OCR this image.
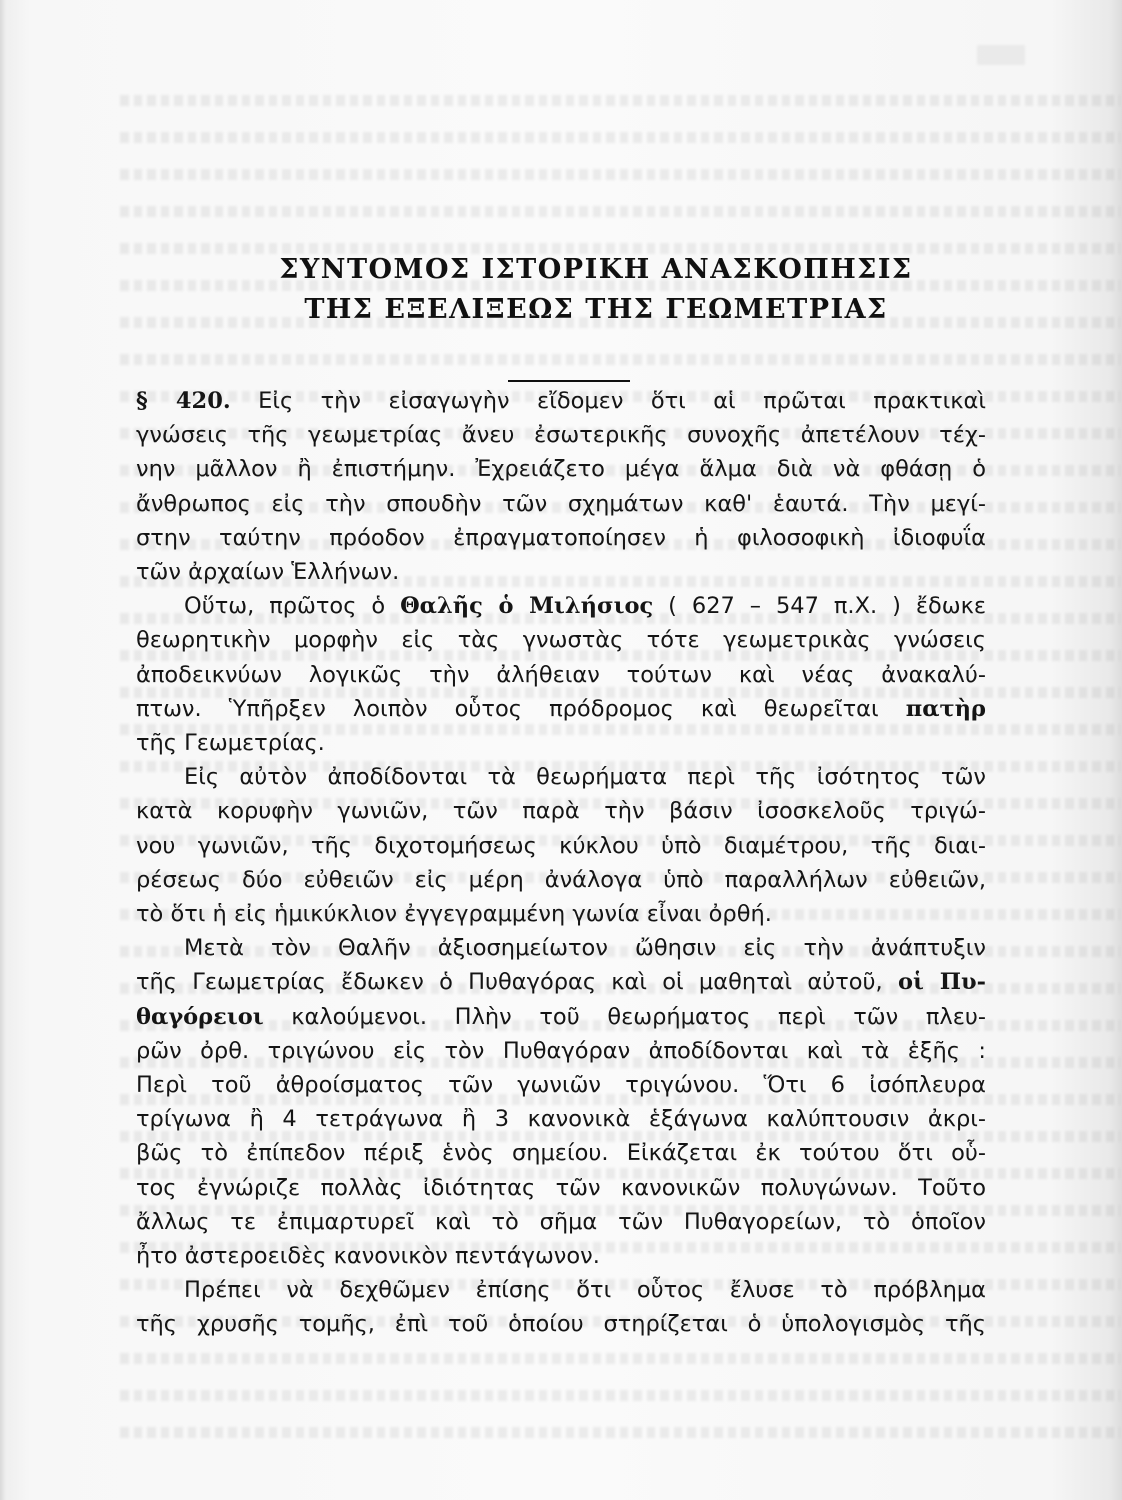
ΣΥΝΤΟΜΟΣ ΙΣΤΟΡΙΚΗ ΑΝΑΣΚΟΠΗΣΙΣ
ΤΗΣ ΕΞΕΛΙΞΕΩΣ ΤΗΣ ΓΕΩΜΕΤΡΙΑΣ

§ 420. Εἰς τὴν εἰσαγωγὴν εἴδομεν ὅτι αἱ πρῶται πρακτικαὶ

γνώσεις τῆς γεωμετρίας ἄνευ ἐσωτερικῆς συνοχῆς ἀπετέλουν τέχ-

νην μᾶλλον ἢ ἐπιστήμην. Ἐχρειάζετο μέγα ἅλμα διὰ νὰ φθάσῃ ὁ

ἄνθρωπος εἰς τὴν σπουδὴν τῶν σχημάτων καθ' ἑαυτά. Τὴν μεγί-

στην ταύτην πρόοδον ἐπραγματοποίησεν ἡ φιλοσοφικὴ ἰδιοφυΐα

τῶν ἀρχαίων Ἑλλήνων.

Οὕτω, πρῶτος ὁ Θαλῆς ὁ Μιλήσιος ( 627 – 547 π.Χ. ) ἔδωκε

θεωρητικὴν μορφὴν εἰς τὰς γνωστὰς τότε γεωμετρικὰς γνώσεις

ἀποδεικνύων λογικῶς τὴν ἀλήθειαν τούτων καὶ νέας ἀνακαλύ-

πτων. Ὑπῆρξεν λοιπὸν οὗτος πρόδρομος καὶ θεωρεῖται πατὴρ

τῆς Γεωμετρίας.

Εἰς αὐτὸν ἀποδίδονται τὰ θεωρήματα περὶ τῆς ἰσότητος τῶν

κατὰ κορυφὴν γωνιῶν, τῶν παρὰ τὴν βάσιν ἰσοσκελοῦς τριγώ-

νου γωνιῶν, τῆς διχοτομήσεως κύκλου ὑπὸ διαμέτρου, τῆς διαι-

ρέσεως δύο εὐθειῶν εἰς μέρη ἀνάλογα ὑπὸ παραλλήλων εὐθειῶν,

τὸ ὅτι ἡ εἰς ἡμικύκλιον ἐγγεγραμμένη γωνία εἶναι ὀρθή.

Μετὰ τὸν Θαλῆν ἀξιοσημείωτον ὤθησιν εἰς τὴν ἀνάπτυξιν

τῆς Γεωμετρίας ἔδωκεν ὁ Πυθαγόρας καὶ οἱ μαθηταὶ αὐτοῦ, οἱ Πυ-

θαγόρειοι καλούμενοι. Πλὴν τοῦ θεωρήματος περὶ τῶν πλευ-

ρῶν ὀρθ. τριγώνου εἰς τὸν Πυθαγόραν ἀποδίδονται καὶ τὰ ἑξῆς :

Περὶ τοῦ ἀθροίσματος τῶν γωνιῶν τριγώνου. Ὅτι 6 ἰσόπλευρα

τρίγωνα ἢ 4 τετράγωνα ἢ 3 κανονικὰ ἑξάγωνα καλύπτουσιν ἀκρι-

βῶς τὸ ἐπίπεδον πέριξ ἑνὸς σημείου. Εἰκάζεται ἐκ τούτου ὅτι οὗ-

τος ἐγνώριζε πολλὰς ἰδιότητας τῶν κανονικῶν πολυγώνων. Τοῦτο

ἄλλως τε ἐπιμαρτυρεῖ καὶ τὸ σῆμα τῶν Πυθαγορείων, τὸ ὁποῖον

ἦτο ἀστεροειδὲς κανονικὸν πεντάγωνον.

Πρέπει νὰ δεχθῶμεν ἐπίσης ὅτι οὗτος ἔλυσε τὸ πρόβλημα

τῆς χρυσῆς τομῆς, ἐπὶ τοῦ ὁποίου στηρίζεται ὁ ὑπολογισμὸς τῆς
